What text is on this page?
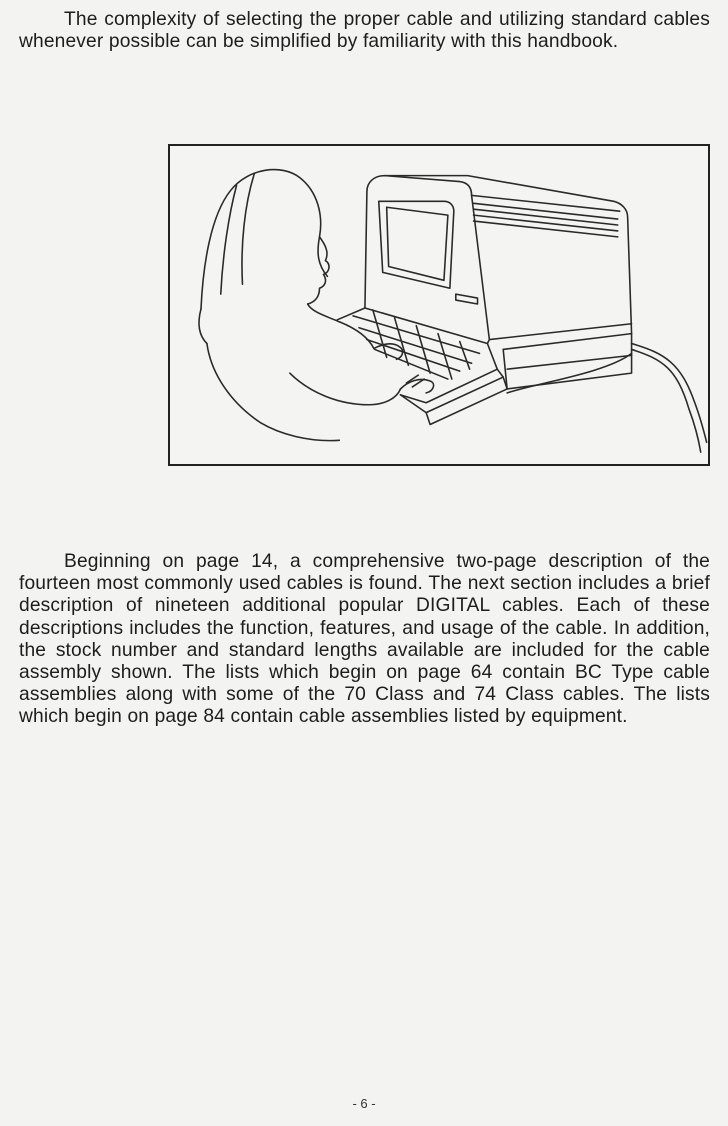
The complexity of selecting the proper cable and utilizing standard cables whenever possible can be simplified by familiarity with this handbook.

Beginning on page 14, a comprehensive two-page description of the fourteen most commonly used cables is found. The next section includes a brief description of nineteen additional popular DIGITAL cables. Each of these descriptions includes the function, features, and usage of the cable. In addition, the stock number and standard lengths available are included for the cable assembly shown. The lists which begin on page 64 contain BC Type cable assemblies along with some of the 70 Class and 74 Class cables. The lists which begin on page 84 contain cable assemblies listed by equipment.

- 6 -
